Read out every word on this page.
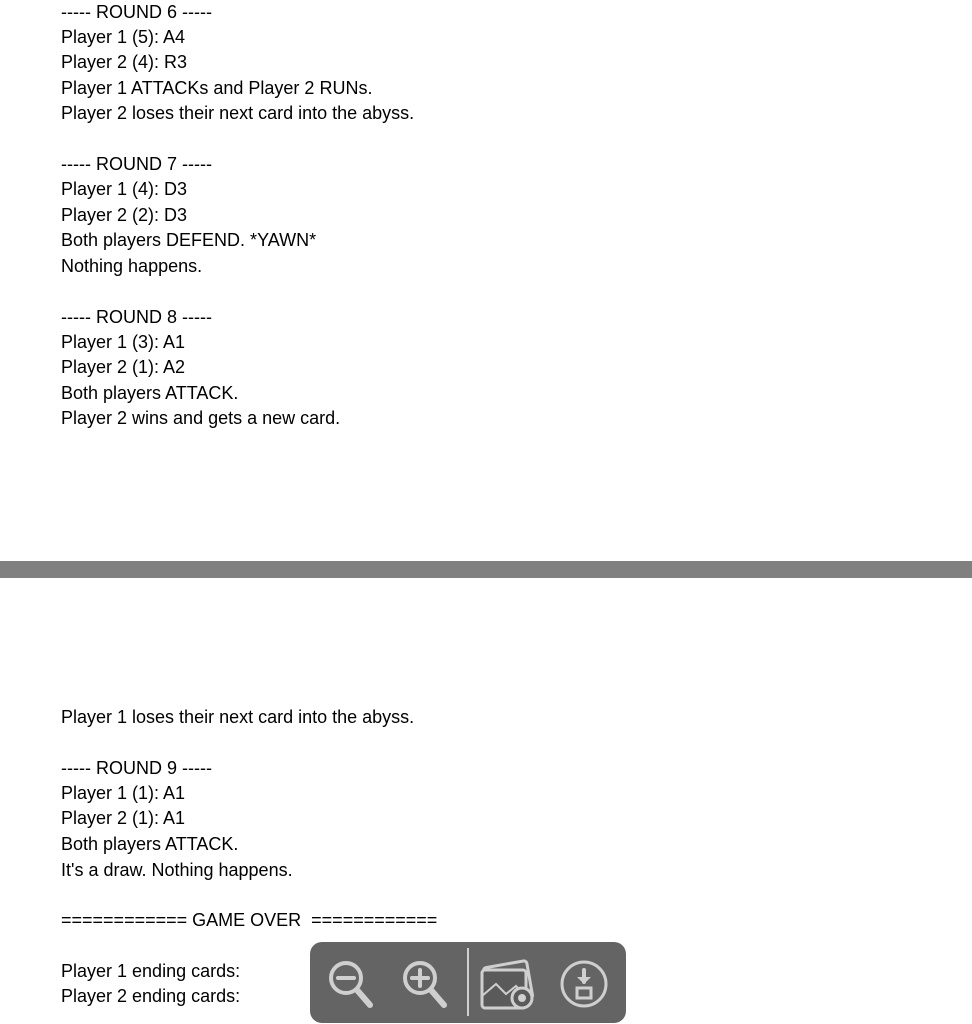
----- ROUND 6 -----
Player 1 (5): A4
Player 2 (4): R3
Player 1 ATTACKs and Player 2 RUNs.
Player 2 loses their next card into the abyss.
----- ROUND 7 -----
Player 1 (4): D3
Player 2 (2): D3
Both players DEFEND. *YAWN*
Nothing happens.
----- ROUND 8 -----
Player 1 (3): A1
Player 2 (1): A2
Both players ATTACK.
Player 2 wins and gets a new card.
Player 1 loses their next card into the abyss.
----- ROUND 9 -----
Player 1 (1): A1
Player 2 (1): A1
Both players ATTACK.
It's a draw. Nothing happens.
============ GAME OVER  ============
Player 1 ending cards:
Player 2 ending cards:
